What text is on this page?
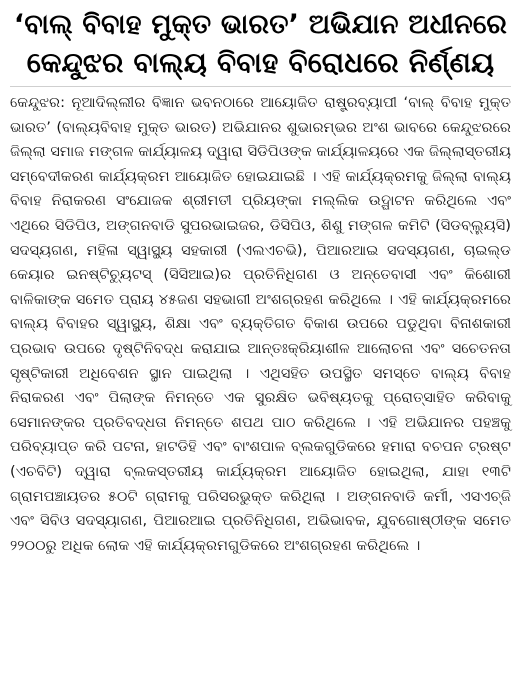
‘ବାଲ୍ ବିବାହ ମୁକ୍ତ ଭାରତ’ ଅଭିଯାନ ଅଧୀନରେ
କେନ୍ଦୁଝର ବାଲ୍ୟ ବିବାହ ବିରୋଧରେ ନିର୍ଣ୍ଣୟ

କେନ୍ଦୁଝର: ନୂଆଦିଲ୍ଲୀର ବିଜ୍ଞାନ ଭବନଠାରେ ଆୟୋଜିତ ରାଷ୍ଟ୍ରବ୍ୟାପୀ ‘ବାଲ୍ ବିବାହ ମୁକ୍ତ ଭାରତ’ (ବାଲ୍ୟବିବାହ ମୁକ୍ତ ଭାରତ) ଅଭିଯାନର ଶୁଭାରମ୍ଭର ଅଂଶ ଭାବରେ କେନ୍ଦୁଝରରେ ଜିଲ୍ଲା ସମାଜ ମଙ୍ଗଳ କାର୍ଯ୍ୟାଳୟ ଦ୍ୱାରା ସିଡିପିଓଙ୍କ କାର୍ଯ୍ୟାଳୟରେ ଏକ ଜିଲ୍ଲାସ୍ତରୀୟ ସମ୍ବେଦୀକରଣ କାର୍ଯ୍ୟକ୍ରମ ଆୟୋଜିତ ହୋଇଯାଇଛି । ଏହି କାର୍ଯ୍ୟକ୍ରମକୁ ଜିଲ୍ଲା ବାଲ୍ୟ ବିବାହ ନିରାକରଣ ସଂଯୋଜକ ଶ୍ରୀମତୀ ପ୍ରିୟଙ୍କା ମଲ୍ଲିକ ଉଦ୍ଘାଟନ କରିଥିଲେ ଏବଂ ଏଥିରେ ସିଡିପିଓ, ଅଙ୍ଗନବାଡି ସୁପରଭାଇଜର, ଡିସିପିଓ, ଶିଶୁ ମଙ୍ଗଳ କମିଟି (ସିଡବ୍ଲ୍ୟୁସି) ସଦସ୍ୟଗଣ, ମହିଳା ସ୍ୱାସ୍ଥ୍ୟ ସହକାରୀ (ଏଲଏଚଭି), ପିଆରଆଇ ସଦସ୍ୟଗଣ, ଚାଇଲ୍ଡ କେୟାର ଇନଷ୍ଟିଚ୍ୟୁଟସ୍ (ସିସିଆଇ)ର ପ୍ରତିନିଧିଗଣ ଓ ଅନ୍ତେବାସୀ ଏବଂ କିଶୋରୀ ବାଳିକାଙ୍କ ସମେତ ପ୍ରାୟ ୪୫ଜଣ ସହଭାଗୀ ଅଂଶଗ୍ରହଣ କରିଥିଲେ । ଏହି କାର୍ଯ୍ୟକ୍ରମରେ ବାଲ୍ୟ ବିବାହର ସ୍ୱାସ୍ଥ୍ୟ, ଶିକ୍ଷା ଏବଂ ବ୍ୟକ୍ତିଗତ ବିକାଶ ଉପରେ ପଡୁଥିବା ବିନାଶକାରୀ ପ୍ରଭାବ ଉପରେ ଦୃଷ୍ଟିନିବଦ୍ଧ କରାଯାଇ ଆନ୍ତଃକ୍ରିୟାଶୀଳ ଆଲୋଚନା ଏବଂ ସଚେତନତା ସୃଷ୍ଟିକାରୀ ଅଧିବେଶନ ସ୍ଥାନ ପାଇଥିଲା । ଏଥିସହିତ ଉପସ୍ଥିତ ସମସ୍ତେ ବାଲ୍ୟ ବିବାହ ନିରାକରଣ ଏବଂ ପିଲାଙ୍କ ନିମନ୍ତେ ଏକ ସୁରକ୍ଷିତ ଭବିଷ୍ୟତକୁ ପ୍ରୋତ୍ସାହିତ କରିବାକୁ ସେମାନଙ୍କର ପ୍ରତିବଦ୍ଧତା ନିମନ୍ତେ ଶପଥ ପାଠ କରିଥିଲେ । ଏହି ଅଭିଯାନର ପହଞ୍ଚକୁ ପରିବ୍ୟାପ୍ତ କରି ପଟନା, ହାଟଡିହି ଏବଂ ବାଂଶପାଳ ବ୍ଲକଗୁଡିକରେ ହମାରା ବଚପନ ଟ୍ରଷ୍ଟ (ଏଚବିଟି) ଦ୍ୱାରା ବ୍ଲକସ୍ତରୀୟ କାର୍ଯ୍ୟକ୍ରମ ଆୟୋଜିତ ହୋଇଥିଲା, ଯାହା ୧୩ଟି ଗ୍ରାମପଞ୍ଚାୟତର ୫୦ଟି ଗ୍ରାମକୁ ପରିସରଭୁକ୍ତ କରିଥିଲା । ଅଙ୍ଗନବାଡି କର୍ମୀ, ଏସଏଚ୍‌ଜି ଏବଂ ସିବିଓ ସଦସ୍ୟାଗଣ, ପିଆରଆଇ ପ୍ରତିନିଧିଗଣ, ଅଭିଭାବକ, ଯୁବଗୋଷ୍ଠୀଙ୍କ ସମେତ ୨୨୦୦ରୁ ଅଧିକ ଲୋକ ଏହି କାର୍ଯ୍ୟକ୍ରମଗୁଡିକରେ ଅଂଶଗ୍ରହଣ କରିଥିଲେ ।
